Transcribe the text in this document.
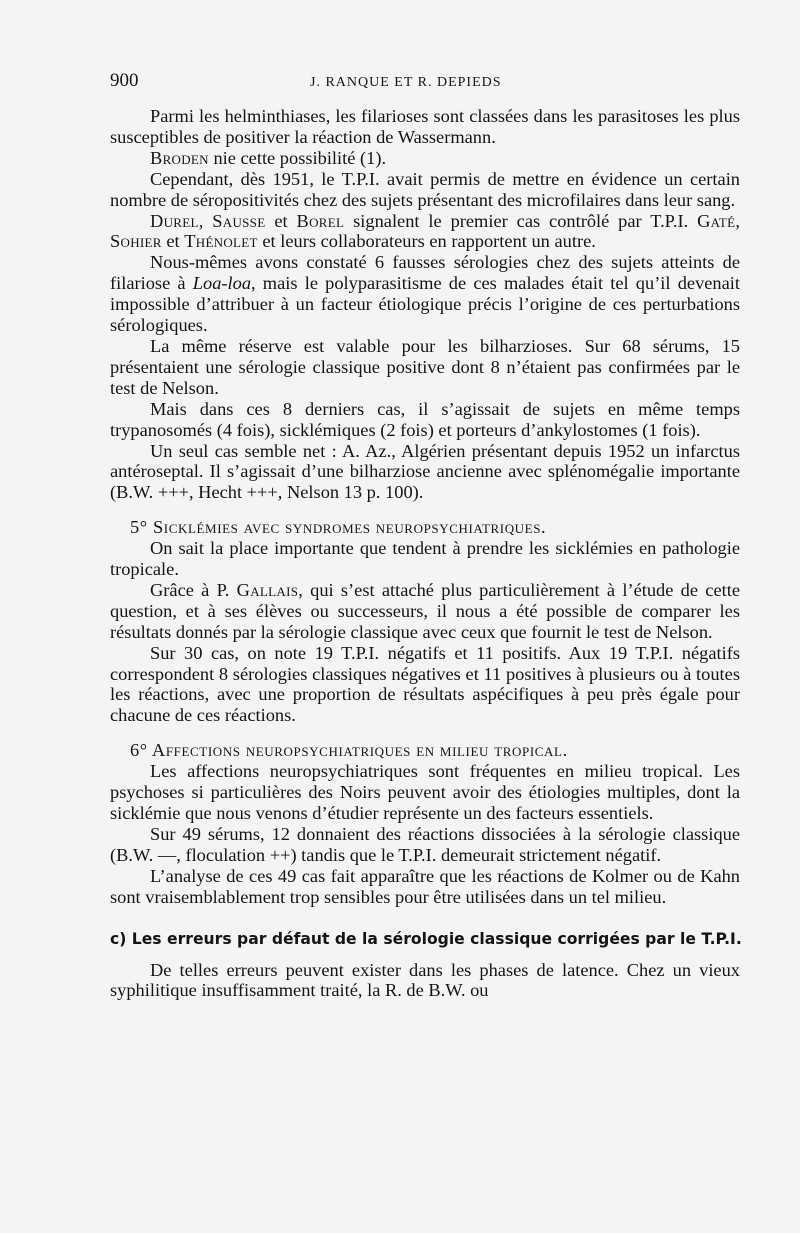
900	J. RANQUE ET R. DEPIEDS

Parmi les helminthiases, les filarioses sont classées dans les parasitoses les plus susceptibles de positiver la réaction de Wassermann.

Broden nie cette possibilité (1).

Cependant, dès 1951, le T.P.I. avait permis de mettre en évidence un certain nombre de séropositivités chez des sujets présentant des microfilaires dans leur sang.

Durel, Sausse et Borel signalent le premier cas contrôlé par T.P.I. Gaté, Sohier et Thénolet et leurs collaborateurs en rapportent un autre.

Nous-mêmes avons constaté 6 fausses sérologies chez des sujets atteints de filariose à Loa-loa, mais le polyparasitisme de ces malades était tel qu’il devenait impossible d’attribuer à un facteur étiologique précis l’origine de ces perturbations sérologiques.

La même réserve est valable pour les bilharzioses. Sur 68 sérums, 15 présentaient une sérologie classique positive dont 8 n’étaient pas confirmées par le test de Nelson.

Mais dans ces 8 derniers cas, il s’agissait de sujets en même temps trypanosomés (4 fois), sicklémiques (2 fois) et porteurs d’ankylostomes (1 fois).

Un seul cas semble net : A. Az., Algérien présentant depuis 1952 un infarctus antéroseptal. Il s’agissait d’une bilharziose ancienne avec splénomégalie importante (B.W. +++, Hecht +++, Nelson 13 p. 100).

5° Sicklémies avec syndromes neuropsychiatriques.

On sait la place importante que tendent à prendre les sicklémies en pathologie tropicale.

Grâce à P. Gallais, qui s’est attaché plus particulièrement à l’étude de cette question, et à ses élèves ou successeurs, il nous a été possible de comparer les résultats donnés par la sérologie classique avec ceux que fournit le test de Nelson.

Sur 30 cas, on note 19 T.P.I. négatifs et 11 positifs. Aux 19 T.P.I. négatifs correspondent 8 sérologies classiques négatives et 11 positives à plusieurs ou à toutes les réactions, avec une proportion de résultats aspécifiques à peu près égale pour chacune de ces réactions.

6° Affections neuropsychiatriques en milieu tropical.

Les affections neuropsychiatriques sont fréquentes en milieu tropical. Les psychoses si particulières des Noirs peuvent avoir des étiologies multiples, dont la sicklémie que nous venons d’étudier représente un des facteurs essentiels.

Sur 49 sérums, 12 donnaient des réactions dissociées à la sérologie classique (B.W. —, floculation ++) tandis que le T.P.I. demeurait strictement négatif.

L’analyse de ces 49 cas fait apparaître que les réactions de Kolmer ou de Kahn sont vraisemblablement trop sensibles pour être utilisées dans un tel milieu.

c) Les erreurs par défaut de la sérologie classique corrigées par le T.P.I.

De telles erreurs peuvent exister dans les phases de latence. Chez un vieux syphilitique insuffisamment traité, la R. de B.W. ou
